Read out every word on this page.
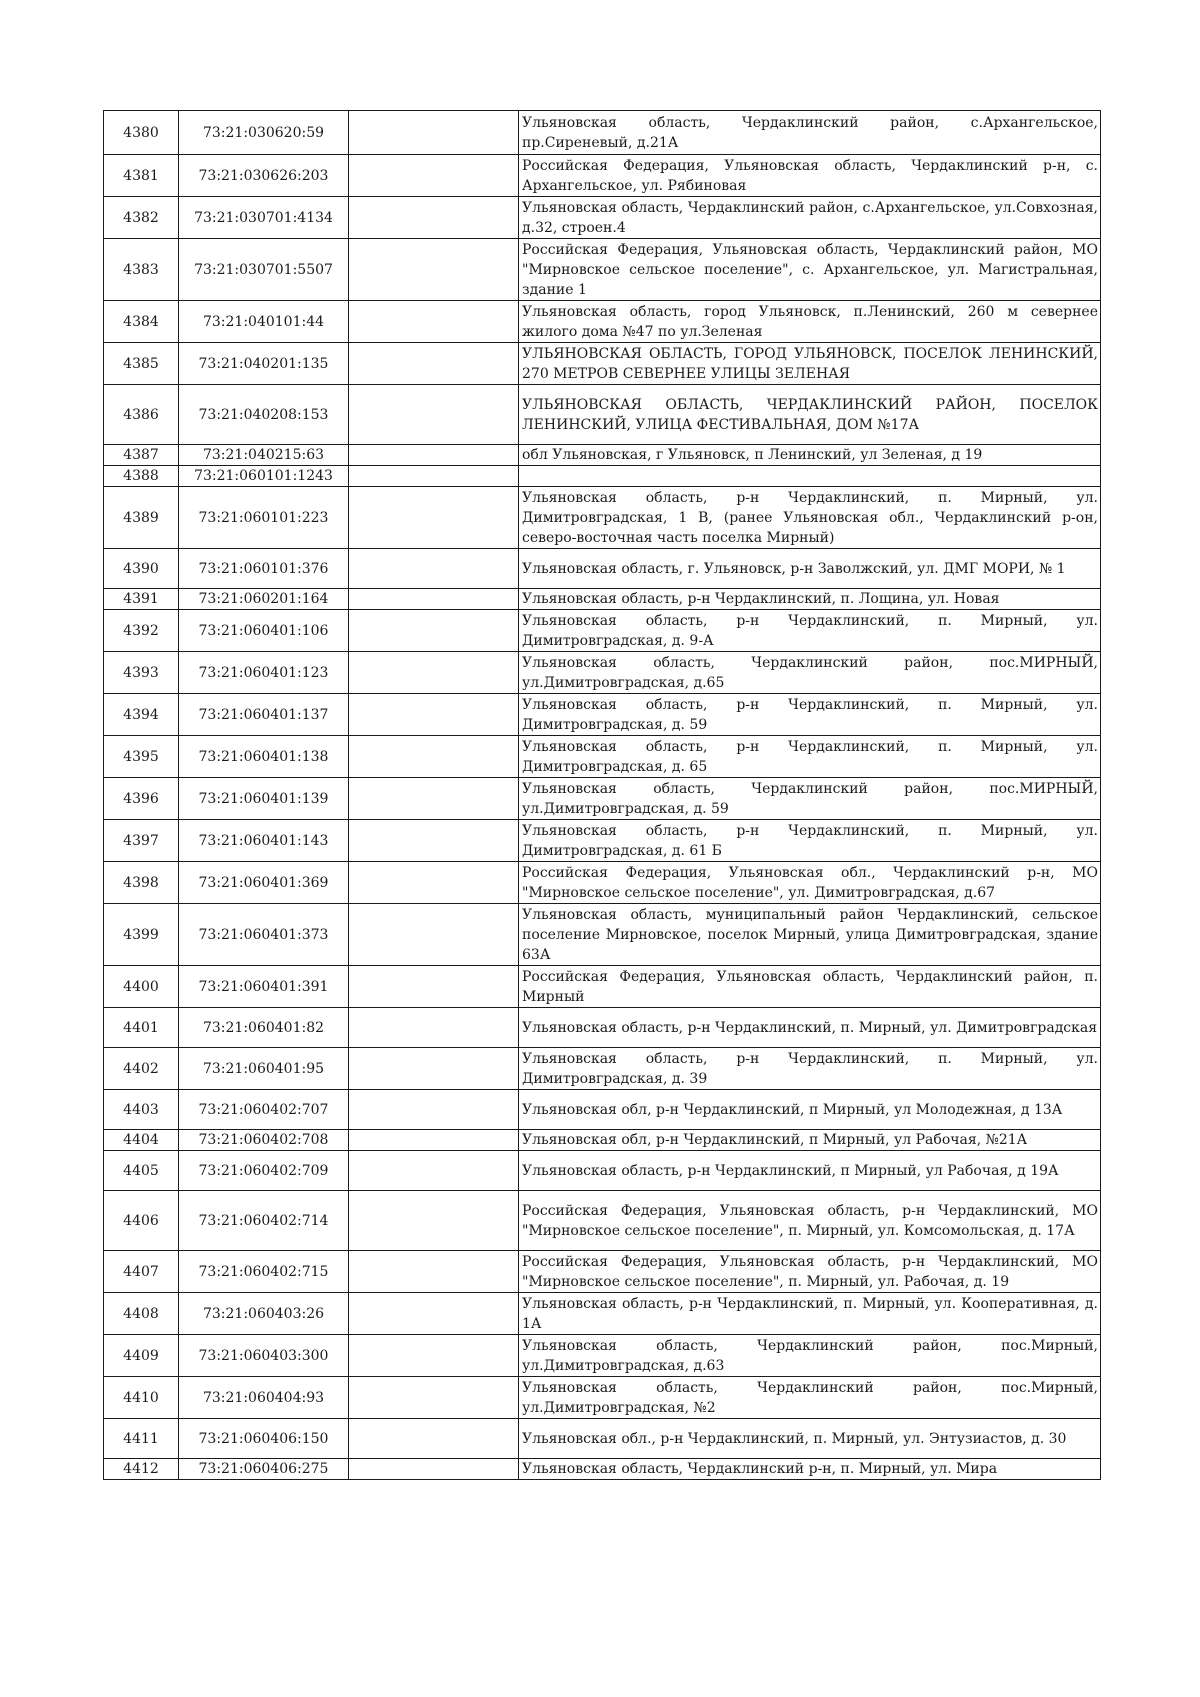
4380	73:21:030620:59		Ульяновская область, Чердаклинский район, с.Архангельское, пр.Сиреневый, д.21А
4381	73:21:030626:203		Российская Федерация, Ульяновская область, Чердаклинский р-н, с. Архангельское, ул. Рябиновая
4382	73:21:030701:4134		Ульяновская область, Чердаклинский район, с.Архангельское, ул.Совхозная, д.32, строен.4
4383	73:21:030701:5507		Российская Федерация, Ульяновская область, Чердаклинский район, МО "Мирновское сельское поселение", с. Архангельское, ул. Магистральная, здание 1
4384	73:21:040101:44		Ульяновская область, город Ульяновск, п.Ленинский, 260 м севернее жилого дома №47 по ул.Зеленая
4385	73:21:040201:135		УЛЬЯНОВСКАЯ ОБЛАСТЬ, ГОРОД УЛЬЯНОВСК, ПОСЕЛОК ЛЕНИНСКИЙ, 270 МЕТРОВ СЕВЕРНЕЕ УЛИЦЫ ЗЕЛЕНАЯ
4386	73:21:040208:153		УЛЬЯНОВСКАЯ ОБЛАСТЬ, ЧЕРДАКЛИНСКИЙ РАЙОН, ПОСЕЛОК ЛЕНИНСКИЙ, УЛИЦА ФЕСТИВАЛЬНАЯ, ДОМ №17А
4387	73:21:040215:63		обл Ульяновская, г Ульяновск, п Ленинский, ул Зеленая, д 19
4388	73:21:060101:1243		
4389	73:21:060101:223		Ульяновская область, р-н Чердаклинский, п. Мирный, ул. Димитровградская, 1 В, (ранее Ульяновская обл., Чердаклинский р-он, северо-восточная часть поселка Мирный)
4390	73:21:060101:376		Ульяновская область, г. Ульяновск, р-н Заволжский, ул. ДМГ МОРИ, № 1
4391	73:21:060201:164		Ульяновская область, р-н Чердаклинский, п. Лощина, ул. Новая
4392	73:21:060401:106		Ульяновская область, р-н Чердаклинский, п. Мирный, ул. Димитровградская, д. 9-А
4393	73:21:060401:123		Ульяновская область, Чердаклинский район, пос.МИРНЫЙ, ул.Димитровградская, д.65
4394	73:21:060401:137		Ульяновская область, р-н Чердаклинский, п. Мирный, ул. Димитровградская, д. 59
4395	73:21:060401:138		Ульяновская область, р-н Чердаклинский, п. Мирный, ул. Димитровградская, д. 65
4396	73:21:060401:139		Ульяновская область, Чердаклинский район, пос.МИРНЫЙ, ул.Димитровградская, д. 59
4397	73:21:060401:143		Ульяновская область, р-н Чердаклинский, п. Мирный, ул. Димитровградская, д. 61 Б
4398	73:21:060401:369		Российская Федерация, Ульяновская обл., Чердаклинский р-н, МО "Мирновское сельское поселение", ул. Димитровградская, д.67
4399	73:21:060401:373		Ульяновская область, муниципальный район Чердаклинский, сельское поселение Мирновское, поселок Мирный, улица Димитровградская, здание 63А
4400	73:21:060401:391		Российская Федерация, Ульяновская область, Чердаклинский район, п. Мирный
4401	73:21:060401:82		Ульяновская область, р-н Чердаклинский, п. Мирный, ул. Димитровградская
4402	73:21:060401:95		Ульяновская область, р-н Чердаклинский, п. Мирный, ул. Димитровградская, д. 39
4403	73:21:060402:707		Ульяновская обл, р-н Чердаклинский, п Мирный, ул Молодежная, д 13А
4404	73:21:060402:708		Ульяновская обл, р-н Чердаклинский, п Мирный, ул Рабочая, №21А
4405	73:21:060402:709		Ульяновская область, р-н Чердаклинский, п Мирный, ул Рабочая, д 19А
4406	73:21:060402:714		Российская Федерация, Ульяновская область, р-н Чердаклинский, МО "Мирновское сельское поселение", п. Мирный, ул. Комсомольская, д. 17А
4407	73:21:060402:715		Российская Федерация, Ульяновская область, р-н Чердаклинский, МО "Мирновское сельское поселение", п. Мирный, ул. Рабочая, д. 19
4408	73:21:060403:26		Ульяновская область, р-н Чердаклинский, п. Мирный, ул. Кооперативная, д. 1А
4409	73:21:060403:300		Ульяновская область, Чердаклинский район, пос.Мирный, ул.Димитровградская, д.63
4410	73:21:060404:93		Ульяновская область, Чердаклинский район, пос.Мирный, ул.Димитровградская, №2
4411	73:21:060406:150		Ульяновская обл., р-н Чердаклинский, п. Мирный, ул. Энтузиастов, д. 30
4412	73:21:060406:275		Ульяновская область, Чердаклинский р-н, п. Мирный, ул. Мира
